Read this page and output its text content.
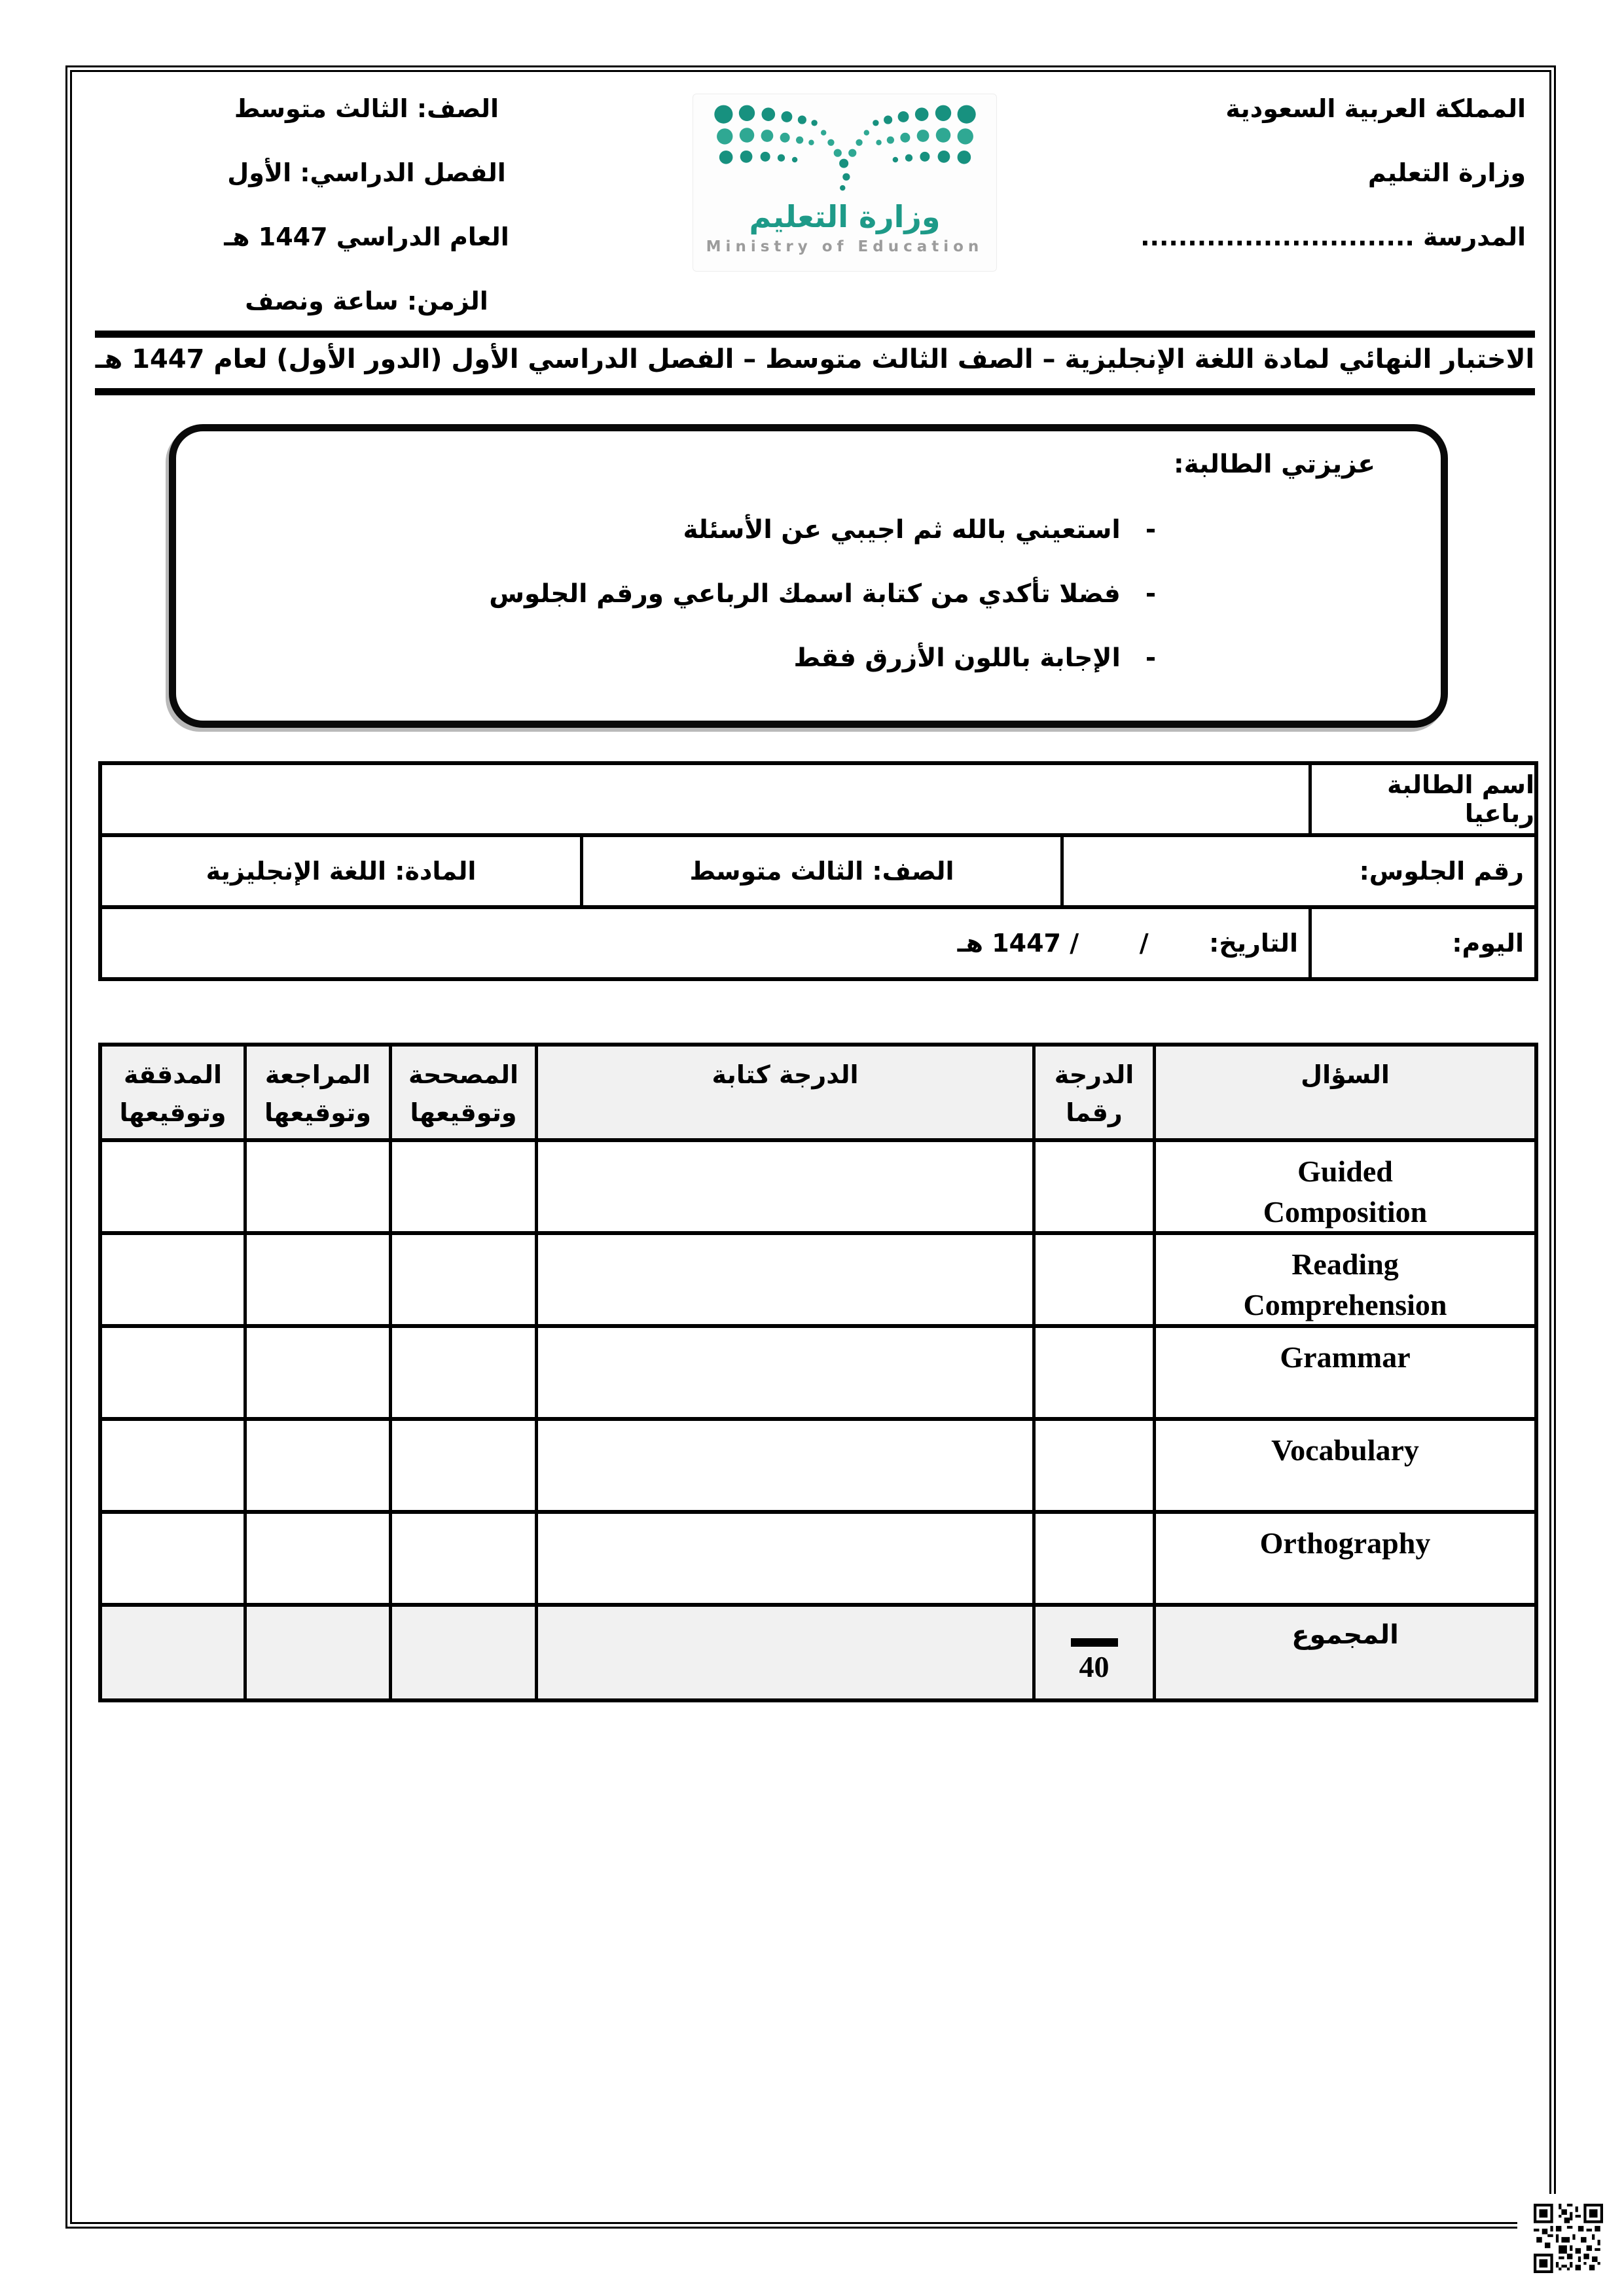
الصف: الثالث متوسط
الفصل الدراسي: الأول
العام الدراسي 1447 هـ
الزمن: ساعة ونصف
المملكة العربية السعودية
وزارة التعليم
المدرسة .............................
وزارة التعليم
Ministry of Education
الاختبار النهائي لمادة اللغة الإنجليزية – الصف الثالث متوسط – الفصل الدراسي الأول (الدور الأول) لعام 1447 هـ
عزيزتي الطالبة:
-
استعيني بالله ثم اجيبي عن الأسئلة
-
فضلا تأكدي من كتابة اسمك الرباعي ورقم الجلوس
-
الإجابة باللون الأزرق فقط
اسم الطالبة رباعيا
رقم الجلوس:
الصف: الثالث متوسط
المادة: اللغة الإنجليزية
اليوم:
التاريخ:       /       / 1447 هـ
السؤال
الدرجة
رقما
الدرجة كتابة
المصححة
وتوقيعها
المراجعة
وتوقيعها
المدققة
وتوقيعها
Guided
Composition
Reading
Comprehension
Grammar
Vocabulary
Orthography
المجموع
40
